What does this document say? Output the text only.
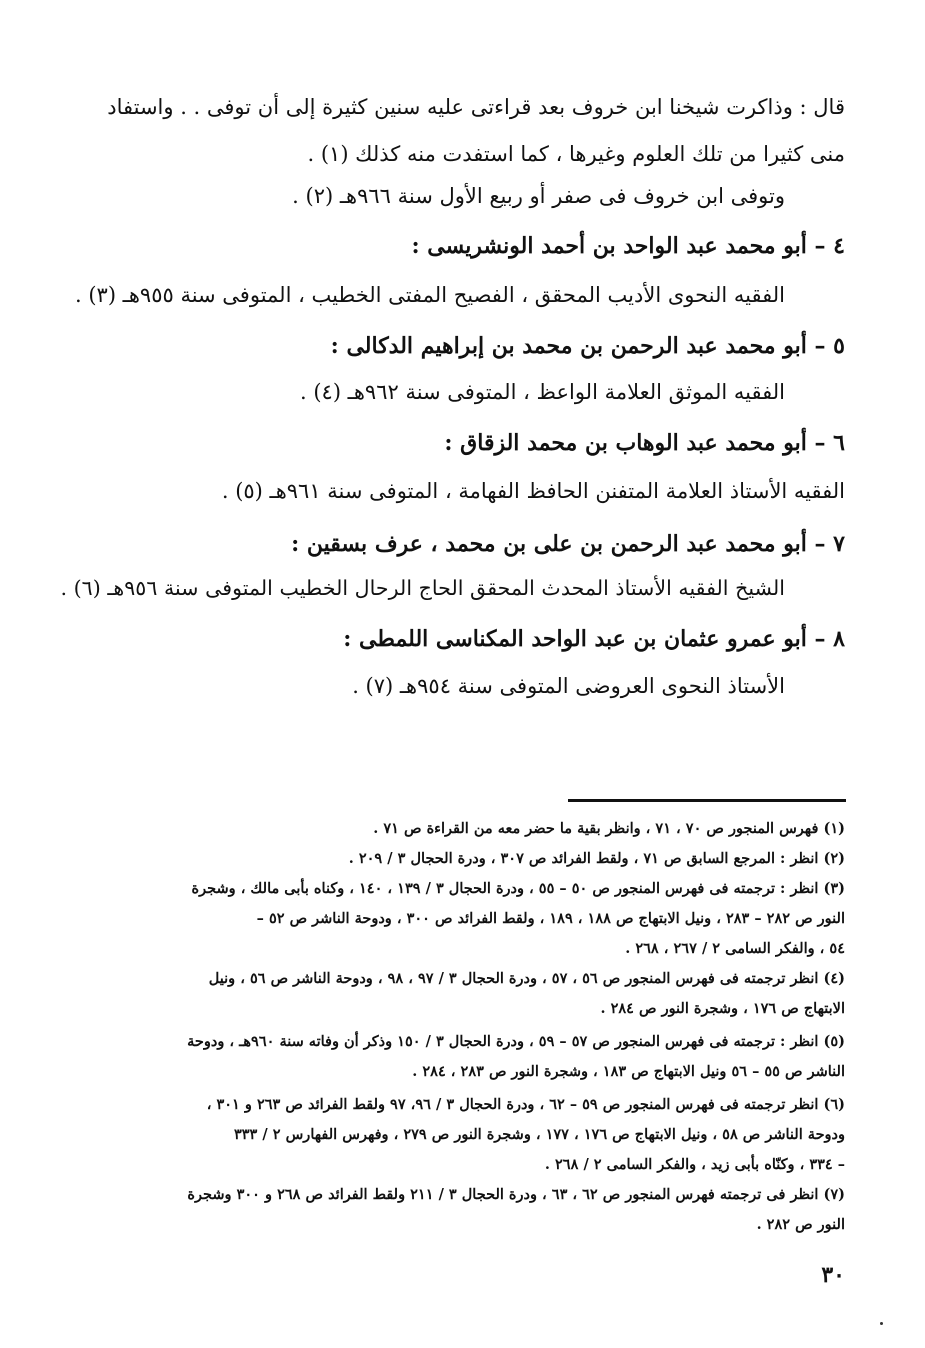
قال : وذاكرت شيخنا ابن خروف بعد قراءتى عليه سنين كثيرة إلى أن توفى . . واستفاد
منى كثيرا من تلك العلوم وغيرها ، كما استفدت منه كذلك (١) .
وتوفى ابن خروف فى صفر أو ربيع الأول سنة ٩٦٦هـ (٢) .
٤ – أبو محمد عبد الواحد بن أحمد الونشريسى :
الفقيه النحوى الأديب المحقق ، الفصيح المفتى الخطيب ، المتوفى سنة ٩٥٥هـ (٣) .
٥ – أبو محمد عبد الرحمن بن محمد بن إبراهيم الدكالى :
الفقيه الموثق العلامة الواعظ ، المتوفى سنة ٩٦٢هـ (٤) .
٦ – أبو محمد عبد الوهاب بن محمد الزقاق :
الفقيه الأستاذ العلامة المتفنن الحافظ الفهامة ، المتوفى سنة ٩٦١هـ (٥) .
٧ – أبو محمد عبد الرحمن بن على بن محمد ، عرف بسقين :
الشيخ الفقيه الأستاذ المحدث المحقق الحاج الرحال الخطيب المتوفى سنة ٩٥٦هـ (٦) .
٨ – أبو عمرو عثمان بن عبد الواحد المكناسى اللمطى :
الأستاذ النحوى العروضى المتوفى سنة ٩٥٤هـ (٧) .
(١) فهرس المنجور ص ٧٠ ، ٧١ ، وانظر بقية ما حضر معه من القراءة ص ٧١ .
(٢) انظر : المرجع السابق ص ٧١ ، ولقط الفرائد ص ٣٠٧ ، ودرة الحجال ٣ / ٢٠٩ .
(٣) انظر : ترجمته فى فهرس المنجور ص ٥٠ – ٥٥ ، ودرة الحجال ٣ / ١٣٩ ، ١٤٠ ، وكناه بأبى مالك ، وشجرة
النور ص ٢٨٢ – ٢٨٣ ، ونيل الابتهاج ص ١٨٨ ، ١٨٩ ، ولقط الفرائد ص ٣٠٠ ، ودوحة الناشر ص ٥٢ –
٥٤ ، والفكر السامى ٢ / ٢٦٧ ، ٢٦٨ .
(٤) انظر ترجمته فى فهرس المنجور ص ٥٦ ، ٥٧ ، ودرة الحجال ٣ / ٩٧ ، ٩٨ ، ودوحة الناشر ص ٥٦ ، ونيل
الابتهاج ص ١٧٦ ، وشجرة النور ص ٢٨٤ .
(٥) انظر : ترجمته فى فهرس المنجور ص ٥٧ – ٥٩ ، ودرة الحجال ٣ / ١٥٠ وذكر أن وفاته سنة ٩٦٠هـ ، ودوحة
الناشر ص ٥٥ – ٥٦ ونيل الابتهاج ص ١٨٣ ، وشجرة النور ص ٢٨٣ ، ٢٨٤ .
(٦) انظر ترجمته فى فهرس المنجور ص ٥٩ – ٦٢ ، ودرة الحجال ٣ / ٩٦، ٩٧ ولقط الفرائد ص ٢٦٣ و ٣٠١ ،
ودوحة الناشر ص ٥٨ ، ونيل الابتهاج ص ١٧٦ ، ١٧٧ ، وشجرة النور ص ٢٧٩ ، وفهرس الفهارس ٢ / ٣٣٣
– ٣٣٤ ، وكنّاه بأبى زيد ، والفكر السامى ٢ / ٢٦٨ .
(٧) انظر فى ترجمته فهرس المنجور ص ٦٢ ، ٦٣ ، ودرة الحجال ٣ / ٢١١ ولقط الفرائد ص ٢٦٨ و ٣٠٠ وشجرة
النور ص ٢٨٢ .
٣٠
